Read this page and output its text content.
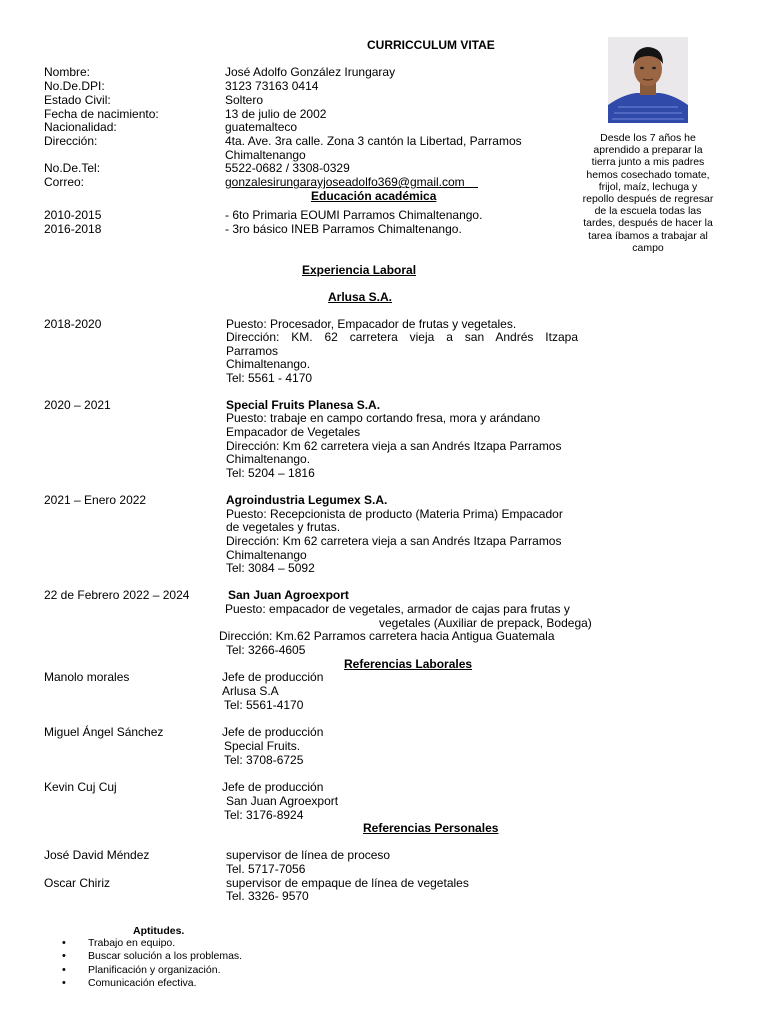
CURRICCULUM VITAE
Desde los 7 años he aprendido a preparar la tierra junto a mis padres hemos cosechado tomate, frijol, maíz, lechuga y repollo después de regresar de la escuela todas las tardes, después de hacer la tarea íbamos a trabajar al campo
Nombre:	José Adolfo González Irungaray
No.De.DPI:	3123 73163 0414
Estado Civil:	Soltero
Fecha de nacimiento:	13 de julio de 2002
Nacionalidad:	guatemalteco
Dirección:	4ta. Ave. 3ra calle. Zona 3 cantón la Libertad, Parramos
Chimaltenango
No.De.Tel:	5522-0682 / 3308-0329
Correo:	gonzalesirungarayjoseadolfo369@gmail.com
Educación académica
2010-2015	- 6to Primaria EOUMI Parramos Chimaltenango.
2016-2018	- 3ro básico INEB Parramos Chimaltenango.
Experiencia Laboral
Arlusa S.A.
2018-2020	Puesto: Procesador, Empacador de frutas y vegetales.
Dirección: KM. 62 carretera vieja a san Andrés Itzapa
Parramos
Chimaltenango.
Tel: 5561 - 4170
2020 – 2021	Special Fruits Planesa S.A.
Puesto: trabaje en campo cortando fresa, mora y arándano
Empacador de Vegetales
Dirección: Km 62 carretera vieja a san Andrés Itzapa Parramos
Chimaltenango.
Tel: 5204 – 1816
2021 – Enero 2022	Agroindustria Legumex S.A.
Puesto: Recepcionista de producto (Materia Prima) Empacador
de vegetales y frutas.
Dirección: Km 62 carretera vieja a san Andrés Itzapa Parramos
Chimaltenango
Tel: 3084 – 5092
22 de Febrero 2022 – 2024	San Juan Agroexport
Puesto: empacador de vegetales, armador de cajas para frutas y
vegetales (Auxiliar de prepack, Bodega)
Dirección: Km.62 Parramos carretera hacia Antigua Guatemala
Tel: 3266-4605
Referencias Laborales
Manolo morales	Jefe de producción
Arlusa S.A
Tel: 5561-4170
Miguel Ángel Sánchez	Jefe de producción
Special Fruits.
Tel: 3708-6725
Kevin Cuj Cuj	Jefe de producción
San Juan Agroexport
Tel: 3176-8924
Referencias Personales
José David Méndez	supervisor de línea de proceso
Tel. 5717-7056
Oscar Chiriz	supervisor de empaque de línea de vegetales
Tel. 3326- 9570
Aptitudes.
• Trabajo en equipo.
• Buscar solución a los problemas.
• Planificación y organización.
• Comunicación efectiva.
